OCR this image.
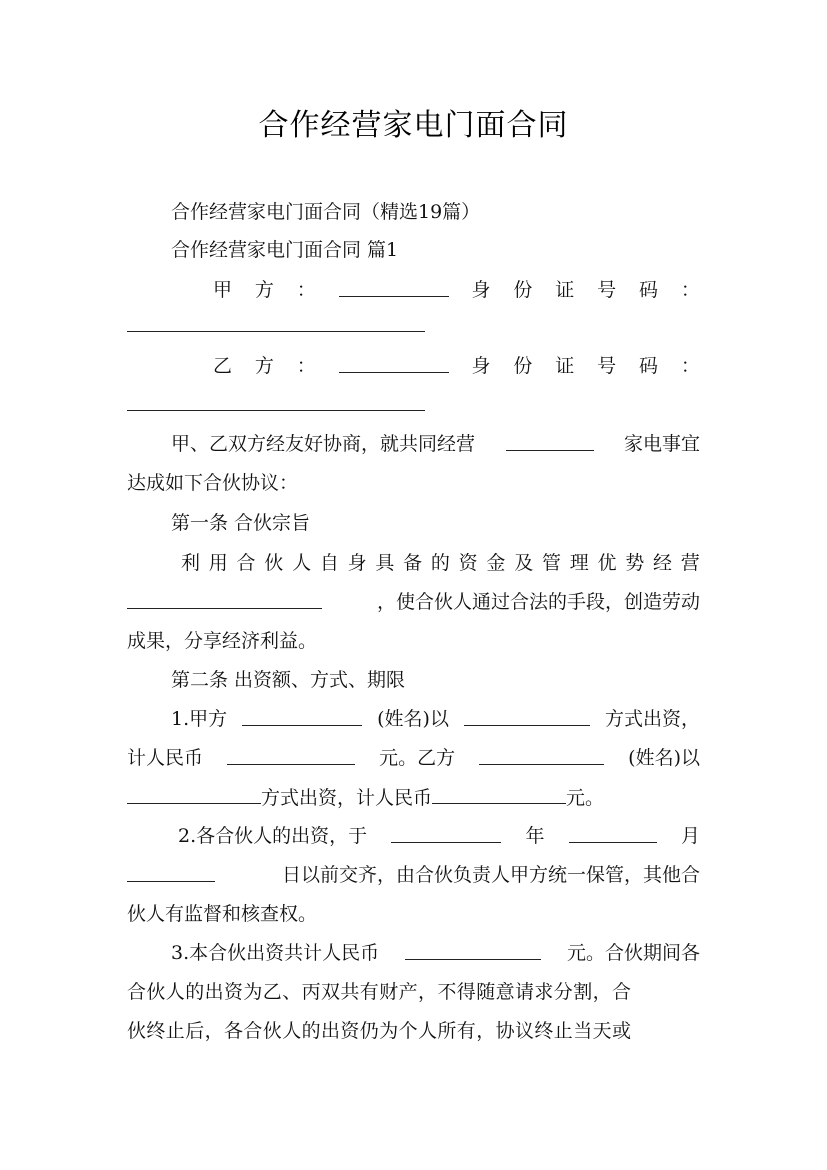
合作经营家电门面合同
合作经营家电门面合同（精选19篇）
合作经营家电门面合同 篇1
甲 方 ：	身 份 证 号 码 ：
乙 方 ：	身 份 证 号 码 ：
甲、乙双方经友好协商，就共同经营	家电事宜
达成如下合伙协议：
第一条 合伙宗旨
利 用 合 伙 人 自 身 具 备 的 资 金 及 管 理 优 势 经 营
，使合伙人通过合法的手段，创造劳动
成果，分享经济利益。
第二条 出资额、方式、期限
1.甲方	(姓名)以	方式出资，
计人民币	元。乙方	(姓名)以
方式出资，计人民币	元。
2.各合伙人的出资，于	年	月
日以前交齐，由合伙负责人甲方统一保管，其他合
伙人有监督和核查权。
3.本合伙出资共计人民币	元。合伙期间各
合伙人的出资为乙、丙双共有财产，不得随意请求分割，合
伙终止后，各合伙人的出资仍为个人所有，协议终止当天或
